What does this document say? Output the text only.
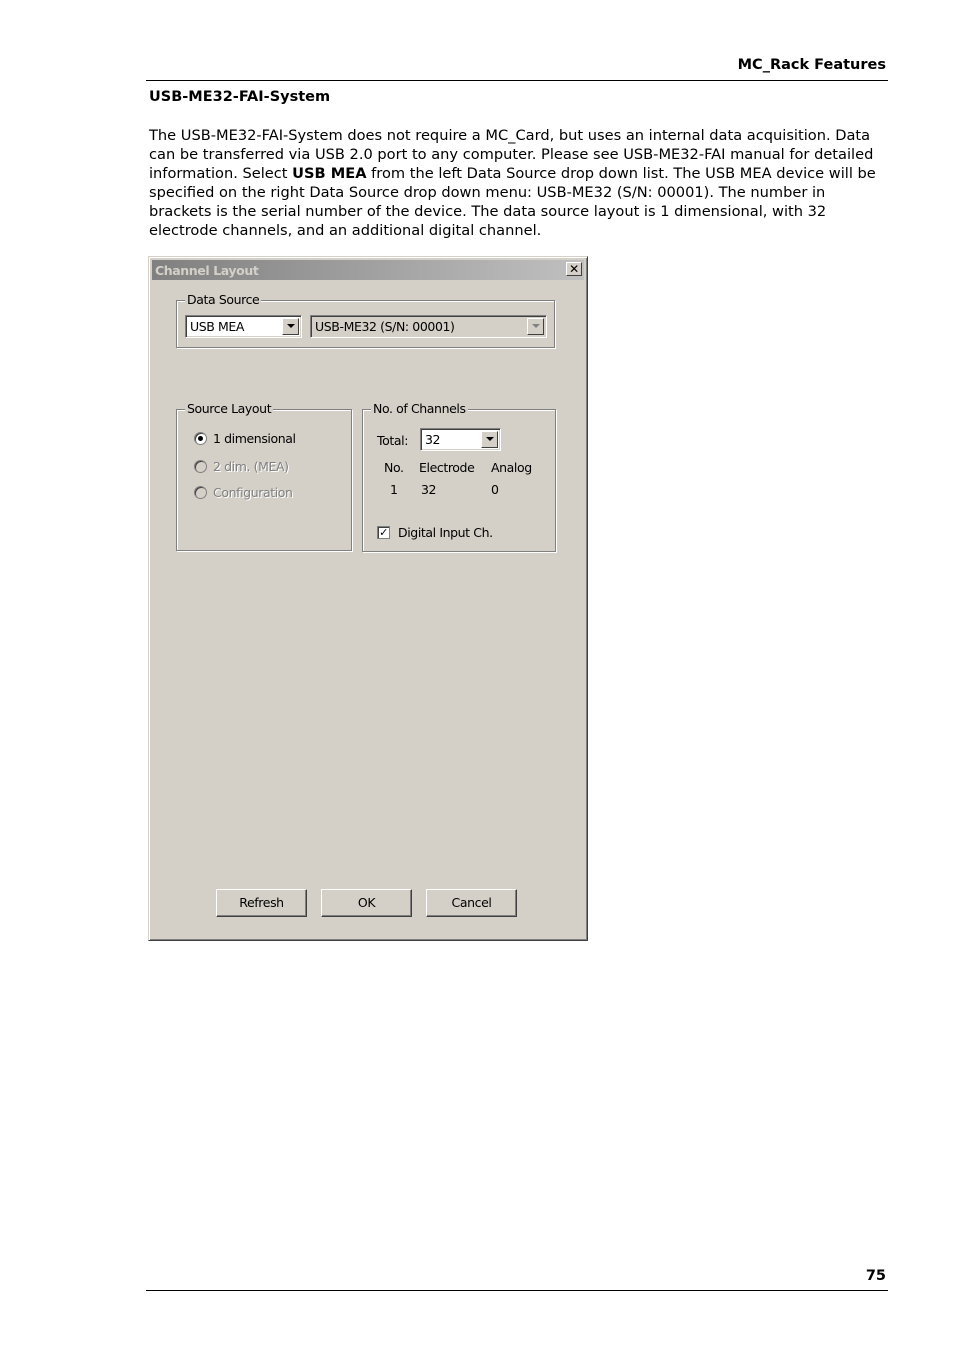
MC_Rack Features
USB-ME32-FAI-System

The USB-ME32-FAI-System does not require a MC_Card, but uses an internal data acquisition. Data can be transferred via USB 2.0 port to any computer. Please see USB-ME32-FAI manual for detailed information. Select USB MEA from the left Data Source drop down list. The USB MEA device will be specified on the right Data Source drop down menu: USB-ME32 (S/N: 00001). The number in brackets is the serial number of the device. The data source layout is 1 dimensional, with 32 electrode channels, and an additional digital channel.

Channel Layout	✕
Data Source
USB MEA	USB-ME32 (S/N: 00001)
Source Layout
1 dimensional
2 dim. (MEA)
Configuration
No. of Channels
Total: 32
No. Electrode Analog
1 32	0
✓ Digital Input Ch.
Refresh	OK	Cancel
75
